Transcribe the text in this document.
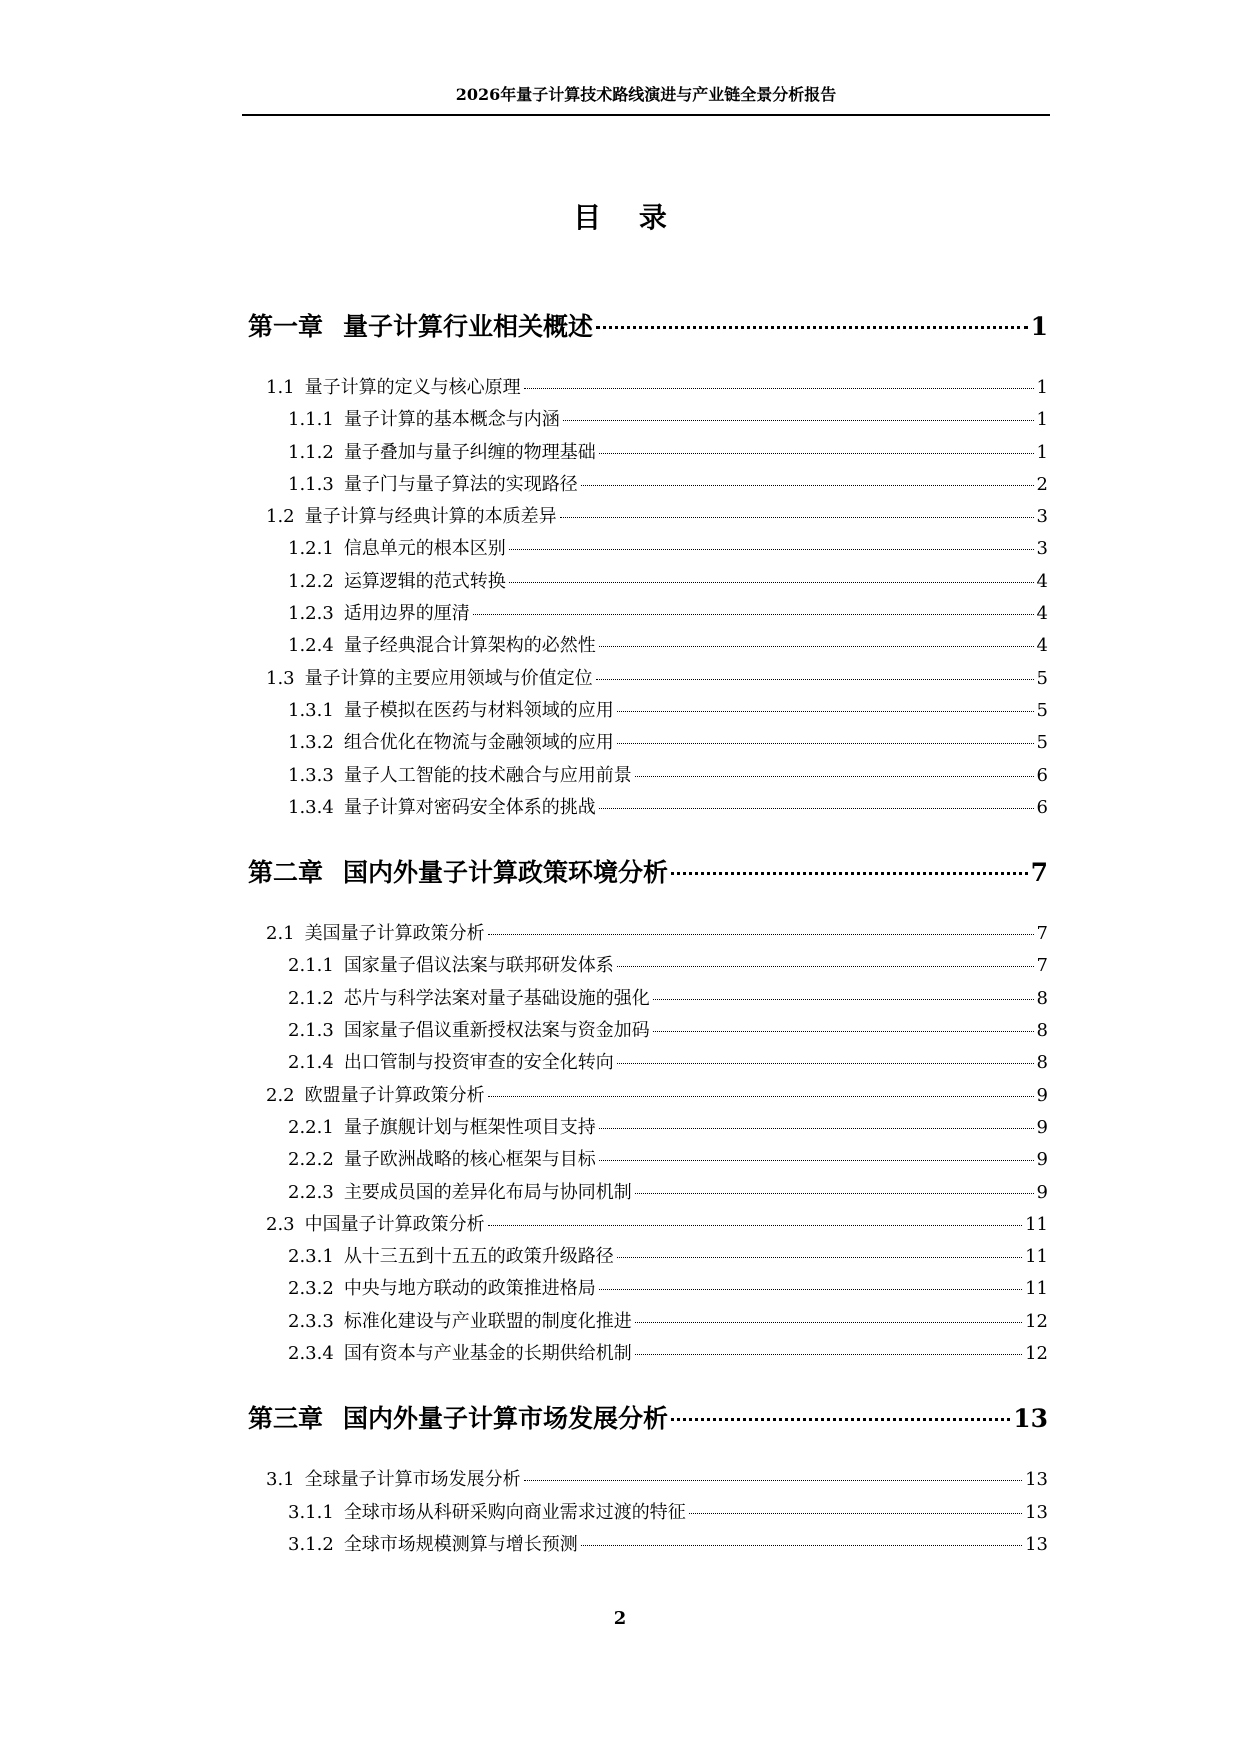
2026年量子计算技术路线演进与产业链全景分析报告
目 录
第一章 量子计算行业相关概述	1
1.1 量子计算的定义与核心原理	1
1.1.1 量子计算的基本概念与内涵	1
1.1.2 量子叠加与量子纠缠的物理基础	1
1.1.3 量子门与量子算法的实现路径	2
1.2 量子计算与经典计算的本质差异	3
1.2.1 信息单元的根本区别	3
1.2.2 运算逻辑的范式转换	4
1.2.3 适用边界的厘清	4
1.2.4 量子经典混合计算架构的必然性	4
1.3 量子计算的主要应用领域与价值定位	5
1.3.1 量子模拟在医药与材料领域的应用	5
1.3.2 组合优化在物流与金融领域的应用	5
1.3.3 量子人工智能的技术融合与应用前景	6
1.3.4 量子计算对密码安全体系的挑战	6
第二章 国内外量子计算政策环境分析	7
2.1 美国量子计算政策分析	7
2.1.1 国家量子倡议法案与联邦研发体系	7
2.1.2 芯片与科学法案对量子基础设施的强化	8
2.1.3 国家量子倡议重新授权法案与资金加码	8
2.1.4 出口管制与投资审查的安全化转向	8
2.2 欧盟量子计算政策分析	9
2.2.1 量子旗舰计划与框架性项目支持	9
2.2.2 量子欧洲战略的核心框架与目标	9
2.2.3 主要成员国的差异化布局与协同机制	9
2.3 中国量子计算政策分析	11
2.3.1 从十三五到十五五的政策升级路径	11
2.3.2 中央与地方联动的政策推进格局	11
2.3.3 标准化建设与产业联盟的制度化推进	12
2.3.4 国有资本与产业基金的长期供给机制	12
第三章 国内外量子计算市场发展分析	13
3.1 全球量子计算市场发展分析	13
3.1.1 全球市场从科研采购向商业需求过渡的特征	13
3.1.2 全球市场规模测算与增长预测	13
2
